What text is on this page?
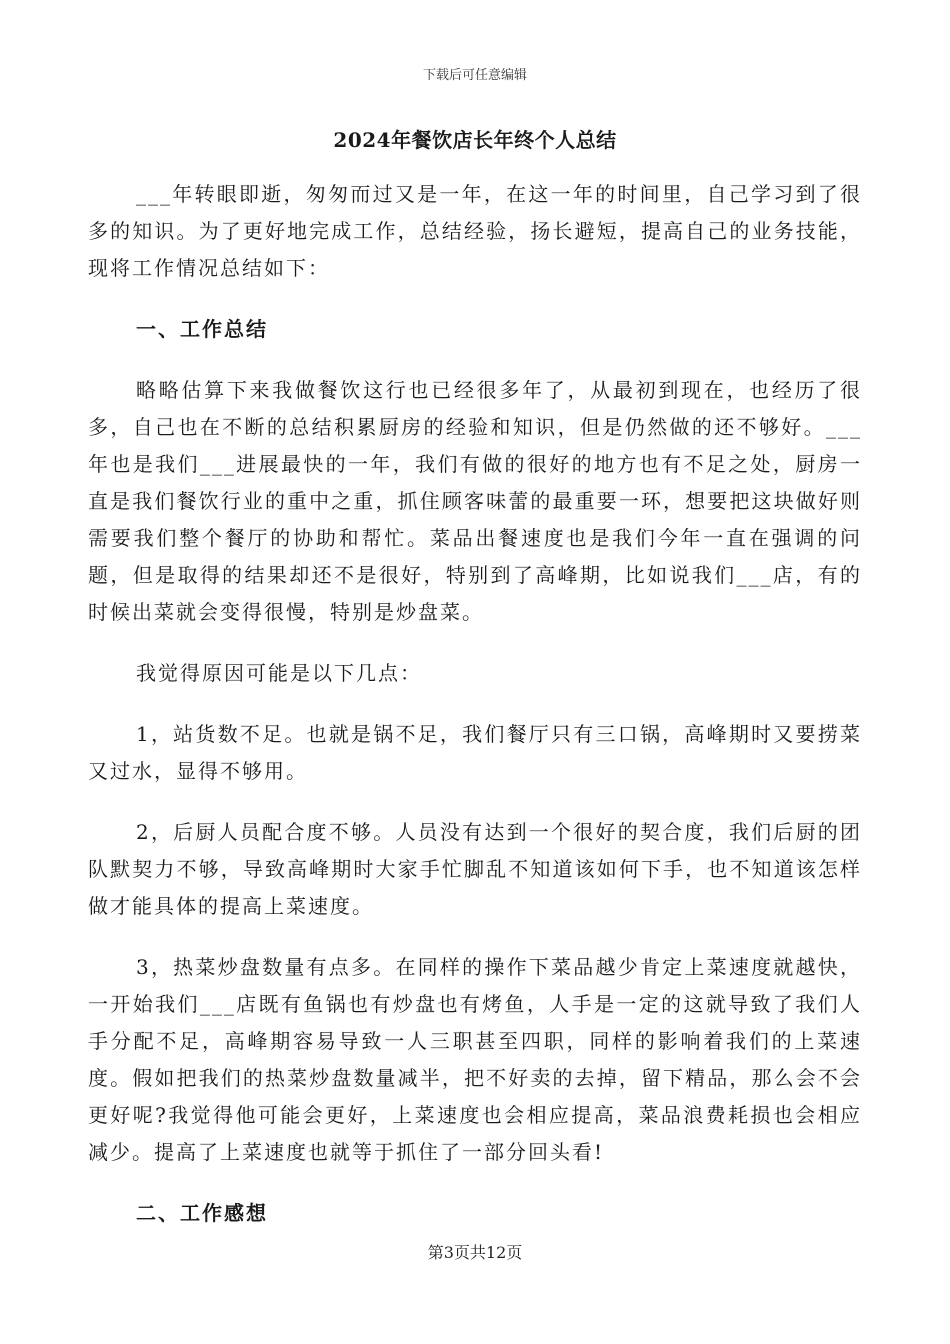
下载后可任意编辑
2024年餐饮店长年终个人总结

___年转眼即逝，匆匆而过又是一年，在这一年的时间里，自己学习到了很多的知识。为了更好地完成工作，总结经验，扬长避短，提高自己的业务技能，现将工作情况总结如下：

一、工作总结

略略估算下来我做餐饮这行也已经很多年了，从最初到现在，也经历了很多，自己也在不断的总结积累厨房的经验和知识，但是仍然做的还不够好。___年也是我们___进展最快的一年，我们有做的很好的地方也有不足之处，厨房一直是我们餐饮行业的重中之重，抓住顾客味蕾的最重要一环，想要把这块做好则需要我们整个餐厅的协助和帮忙。菜品出餐速度也是我们今年一直在强调的问题，但是取得的结果却还不是很好，特别到了高峰期，比如说我们___店，有的时候出菜就会变得很慢，特别是炒盘菜。

我觉得原因可能是以下几点：

1，站货数不足。也就是锅不足，我们餐厅只有三口锅，高峰期时又要捞菜又过水，显得不够用。

2，后厨人员配合度不够。人员没有达到一个很好的契合度，我们后厨的团队默契力不够，导致高峰期时大家手忙脚乱不知道该如何下手，也不知道该怎样做才能具体的提高上菜速度。

3，热菜炒盘数量有点多。在同样的操作下菜品越少肯定上菜速度就越快，一开始我们___店既有鱼锅也有炒盘也有烤鱼，人手是一定的这就导致了我们人手分配不足，高峰期容易导致一人三职甚至四职，同样的影响着我们的上菜速度。假如把我们的热菜炒盘数量减半，把不好卖的去掉，留下精品，那么会不会更好呢?我觉得他可能会更好，上菜速度也会相应提高，菜品浪费耗损也会相应减少。提高了上菜速度也就等于抓住了一部分回头看!

二、工作感想

第3页共12页
